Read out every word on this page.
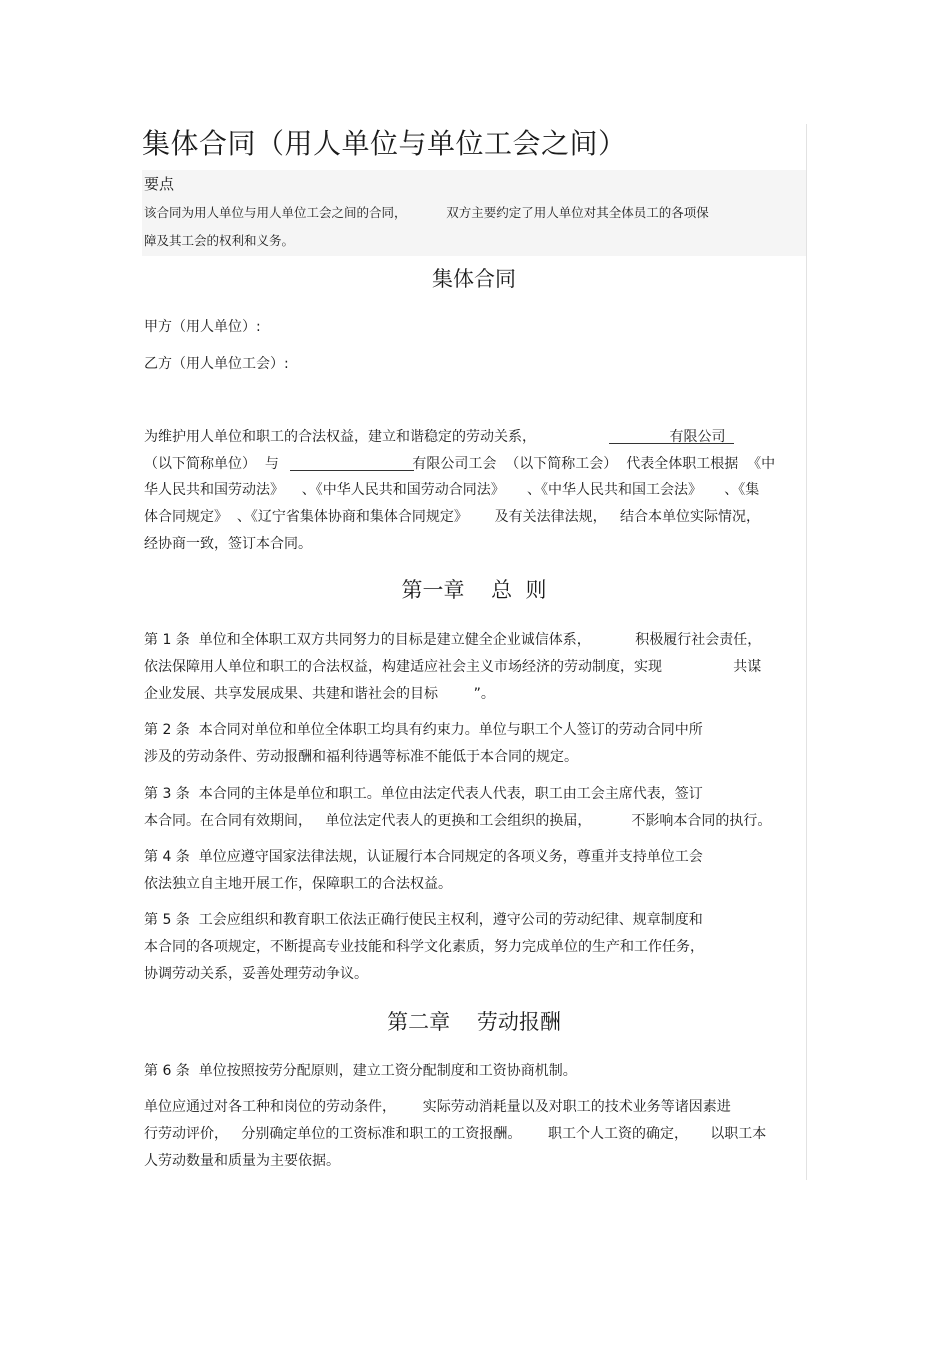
集体合同（用人单位与单位工会之间）
要点
该合同为用人单位与用人单位工会之间的合同，          双方主要约定了用人单位对其全体员工的各项保
障及其工会的权利和义务。
集体合同
甲方（用人单位）:
乙方（用人单位工会）:
为维护用人单位和职工的合法权益，建立和谐稳定的劳动关系，                              有限公司
（以下简称单位）  与                              有限公司工会  （以下简称工会）  代表全体职工根据  《中
华人民共和国劳动法》    、《中华人民共和国劳动合同法》     、《中华人民共和国工会法》     、《集
体合同规定》  、《辽宁省集体协商和集体合同规定》      及有关法律法规，   结合本单位实际情况，
经协商一致，签订本合同。
第一章    总  则
第 1 条  单位和全体职工双方共同努力的目标是建立健全企业诚信体系，          积极履行社会责任，
依法保障用人单位和职工的合法权益，构建适应社会主义市场经济的劳动制度，实现                共谋
企业发展、共享发展成果、共建和谐社会的目标        ”。
第 2 条  本合同对单位和单位全体职工均具有约束力。单位与职工个人签订的劳动合同中所
涉及的劳动条件、劳动报酬和福利待遇等标准不能低于本合同的规定。
第 3 条  本合同的主体是单位和职工。单位由法定代表人代表，职工由工会主席代表，签订
本合同。在合同有效期间，   单位法定代表人的更换和工会组织的换届，         不影响本合同的执行。
第 4 条  单位应遵守国家法律法规，认证履行本合同规定的各项义务，尊重并支持单位工会
依法独立自主地开展工作，保障职工的合法权益。
第 5 条  工会应组织和教育职工依法正确行使民主权利，遵守公司的劳动纪律、规章制度和
本合同的各项规定，不断提高专业技能和科学文化素质，努力完成单位的生产和工作任务，
协调劳动关系，妥善处理劳动争议。
第二章    劳动报酬
第 6 条  单位按照按劳分配原则，建立工资分配制度和工资协商机制。
单位应通过对各工种和岗位的劳动条件，      实际劳动消耗量以及对职工的技术业务等诸因素进
行劳动评价，   分别确定单位的工资标准和职工的工资报酬。      职工个人工资的确定，     以职工本
人劳动数量和质量为主要依据。
